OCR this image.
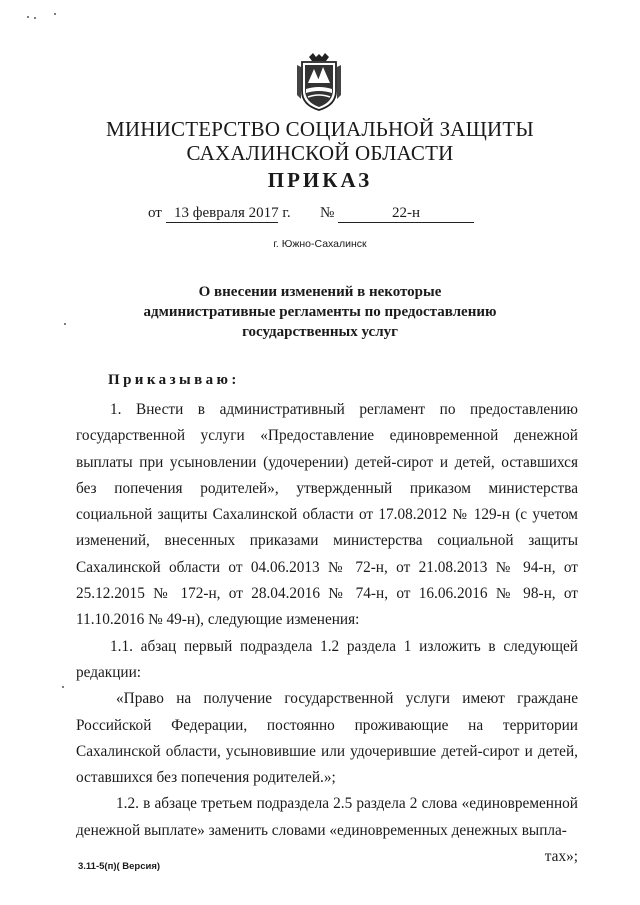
МИНИСТЕРСТВО СОЦИАЛЬНОЙ ЗАЩИТЫ
САХАЛИНСКОЙ ОБЛАСТИ
ПРИКАЗ
от 13 февраля 2017 г. №	22-н
г. Южно-Сахалинск
О внесении изменений в некоторые
административные регламенты по предоставлению
государственных услуг
Приказываю:

1. Внести в административный регламент по предоставлению государственной услуги «Предоставление единовременной денежной выплаты при усыновлении (удочерении) детей-сирот и детей, оставшихся без попечения родителей», утвержденный приказом министерства социальной защиты Сахалинской области от 17.08.2012 № 129-н (с учетом изменений, внесенных приказами министерства социальной защиты Сахалинской области от 04.06.2013 № 72-н, от 21.08.2013 № 94-н, от 25.12.2015 № 172-н, от 28.04.2016 № 74-н, от 16.06.2016 № 98-н, от 11.10.2016 № 49-н), следующие изменения:

1.1. абзац первый подраздела 1.2 раздела 1 изложить в следующей редакции:

«Право на получение государственной услуги имеют граждане Российской Федерации, постоянно проживающие на территории Сахалинской области, усыновившие или удочерившие детей-сирот и детей, оставшихся без попечения родителей.»;

1.2. в абзаце третьем подраздела 2.5 раздела 2 слова «единовременной денежной выплате» заменить словами «единовременных денежных выпла-

тах»;

3.11-5(п)( Версия)
